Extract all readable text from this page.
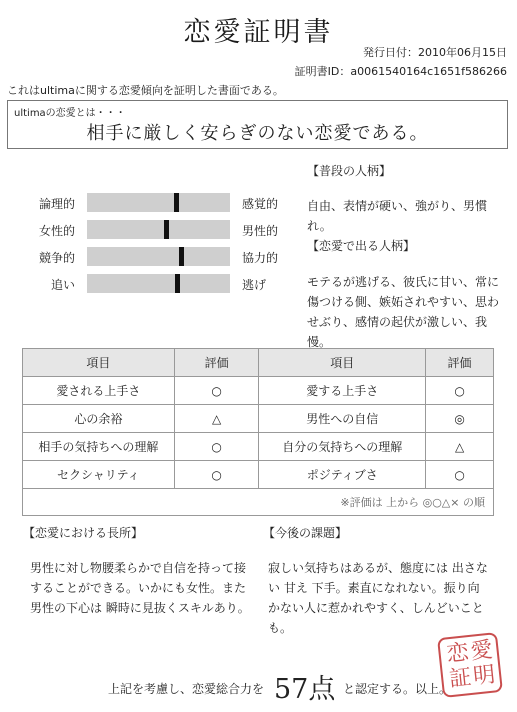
恋愛証明書
発行日付：2010年06月15日
証明書ID：a0061540164c1651f586266
これはultimaに関する恋愛傾向を証明した書面である。
ultimaの恋愛とは・・・
相手に厳しく安らぎのない恋愛である。
論理的	感覚的
女性的	男性的
競争的	協力的
追い	逃げ
【普段の人柄】
自由、表情が硬い、強がり、男慣れ。
【恋愛で出る人柄】
モテるが逃げる、彼氏に甘い、常に傷つける側、嫉妬されやすい、思わせぶり、感情の起伏が激しい、我慢。
項目	評価	項目	評価
愛される上手さ	○	愛する上手さ	○
心の余裕	△	男性への自信	◎
相手の気持ちへの理解	○	自分の気持ちへの理解	△
セクシャリティ	○	ポジティブさ	○
※評価は 上から ◎○△× の順			
【恋愛における長所】
男性に対し物腰柔らかで自信を持って接することができる。いかにも女性。また 男性の下心は 瞬時に見抜くスキルあり。
【今後の課題】
寂しい気持ちはあるが、態度には 出さない 甘え 下手。素直になれない。振り向かない人に惹かれやすく、しんどいことも。
上記を考慮し、恋愛総合力を 57点 と認定する。以上。
恋 愛
証 明
